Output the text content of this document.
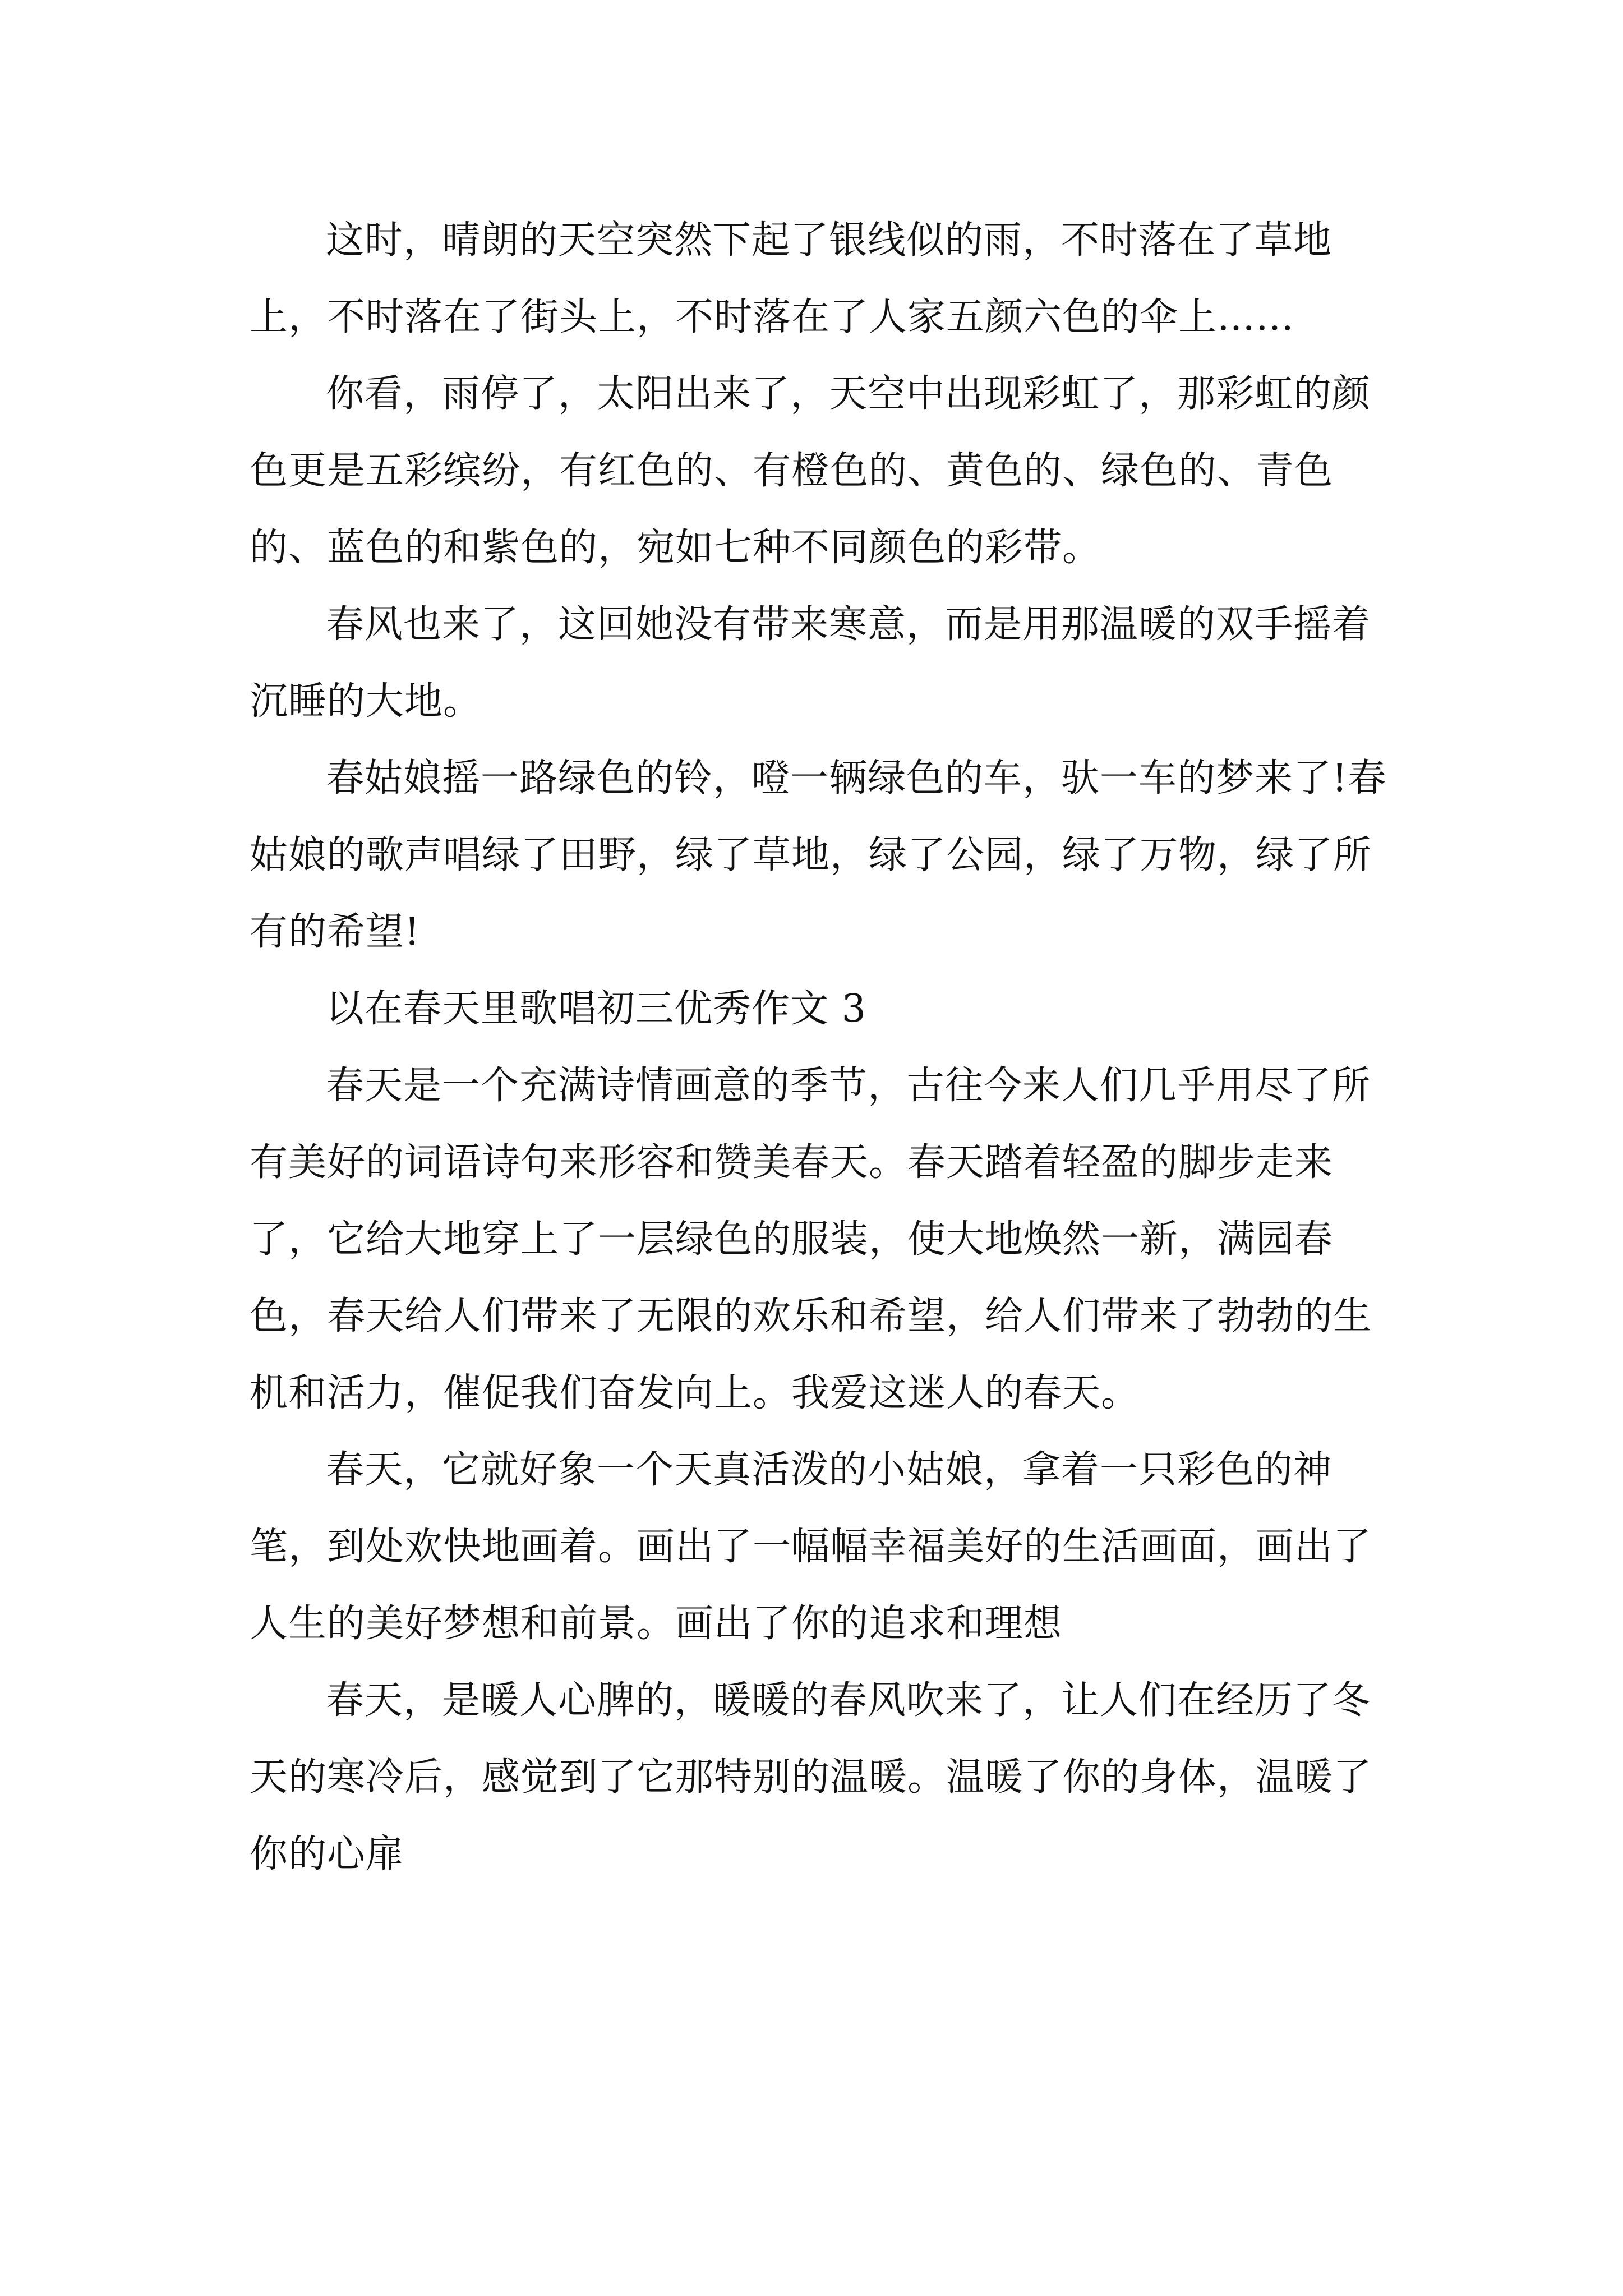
这时，晴朗的天空突然下起了银线似的雨，不时落在了草地上，不时落在了街头上，不时落在了人家五颜六色的伞上……

你看，雨停了，太阳出来了，天空中出现彩虹了，那彩虹的颜色更是五彩缤纷，有红色的、有橙色的、黄色的、绿色的、青色的、蓝色的和紫色的，宛如七种不同颜色的彩带。

春风也来了，这回她没有带来寒意，而是用那温暖的双手摇着沉睡的大地。

春姑娘摇一路绿色的铃，噔一辆绿色的车，驮一车的梦来了!春姑娘的歌声唱绿了田野，绿了草地，绿了公园，绿了万物，绿了所有的希望!

以在春天里歌唱初三优秀作文 3

春天是一个充满诗情画意的季节，古往今来人们几乎用尽了所有美好的词语诗句来形容和赞美春天。春天踏着轻盈的脚步走来了，它给大地穿上了一层绿色的服装，使大地焕然一新，满园春色，春天给人们带来了无限的欢乐和希望，给人们带来了勃勃的生机和活力，催促我们奋发向上。我爱这迷人的春天。

春天，它就好象一个天真活泼的小姑娘，拿着一只彩色的神笔，到处欢快地画着。画出了一幅幅幸福美好的生活画面，画出了人生的美好梦想和前景。画出了你的追求和理想

春天，是暖人心脾的，暖暖的春风吹来了，让人们在经历了冬天的寒冷后，感觉到了它那特别的温暖。温暖了你的身体，温暖了你的心扉
